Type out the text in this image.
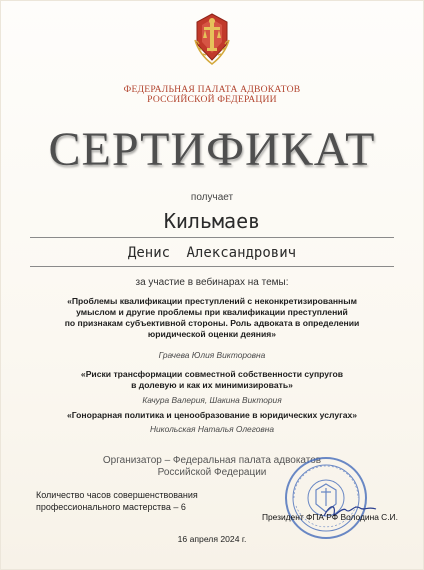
ФЕДЕРАЛЬНАЯ ПАЛАТА АДВОКАТОВ
РОССИЙСКОЙ ФЕДЕРАЦИИ
СЕРТИФИКАТ
получает
Кильмаев
Денис Александрович
за участие в вебинарах на темы:
«Проблемы квалификации преступлений с неконкретизированным
умыслом и другие проблемы при квалификации преступлений
по признакам субъективной стороны. Роль адвоката в определении
юридической оценки деяния»
Грачева Юлия Викторовна
«Риски трансформации совместной собственности супругов
в долевую и как их минимизировать»
Качура Валерия, Шакина Виктория
«Гонорарная политика и ценообразование в юридических услугах»
Никольская Наталья Олеговна
Организатор – Федеральная палата адвокатов
Российской Федерации
Количество часов совершенствования
профессионального мастерства – 6
Президент ФПА РФ Володина С.И.
16 апреля 2024 г.
